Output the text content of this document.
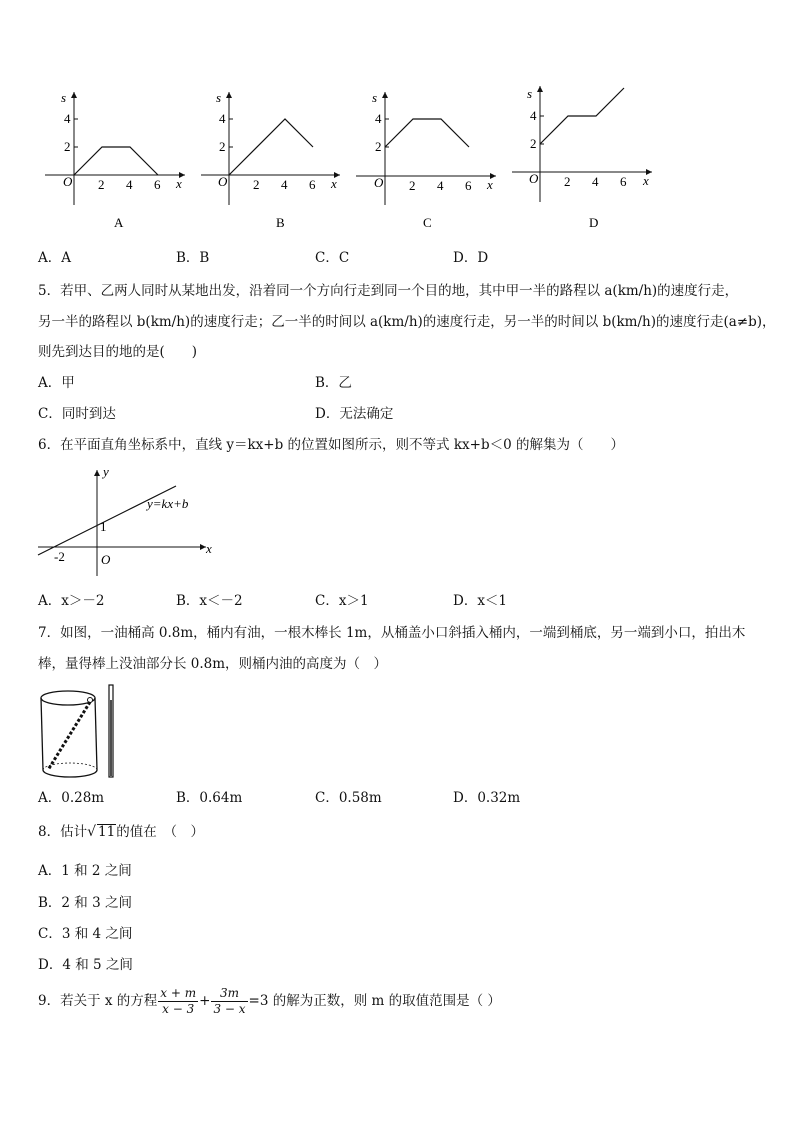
s
x
O 2 4 6
2
4
A
s
x
O 2 4 6
2
4
B
s
x
O 2 4 6
2
4
C
s
x
O 2 4 6
2
4
D
A．A	B．B	C．C	D．D
5．若甲、乙两人同时从某地出发，沿着同一个方向行走到同一个目的地，其中甲一半的路程以 a(km/h)的速度行走，
另一半的路程以 b(km/h)的速度行走；乙一半的时间以 a(km/h)的速度行走，另一半的时间以 b(km/h)的速度行走(a≠b)，
则先到达目的地的是(　　)
A．甲	B．乙
C．同时到达	D．无法确定
6．在平面直角坐标系中，直线 y＝kx+b 的位置如图所示，则不等式 kx+b＜0 的解集为（　　）
y
x
O
y=kx+b
1
-2
A．x＞－2	B．x＜－2	C．x＞1	D．x＜1
7．如图，一油桶高 0.8m，桶内有油，一根木棒长 1m，从桶盖小口斜插入桶内，一端到桶底，另一端到小口，拍出木
棒，量得棒上没油部分长 0.8m，则桶内油的高度为（　）
A．0.28m	B．0.64m	C．0.58m	D．0.32m
8．估计√ 11的值在　（　）
A．1 和 2 之间
B．2 和 3 之间
C．3 和 4 之间
D．4 和 5 之间
9．若关于 x 的方程 $\frac{x + m}{x - 3} + \frac{3m}{3 - x} =3$ 的解为正数，则 m 的取值范围是（ ）
